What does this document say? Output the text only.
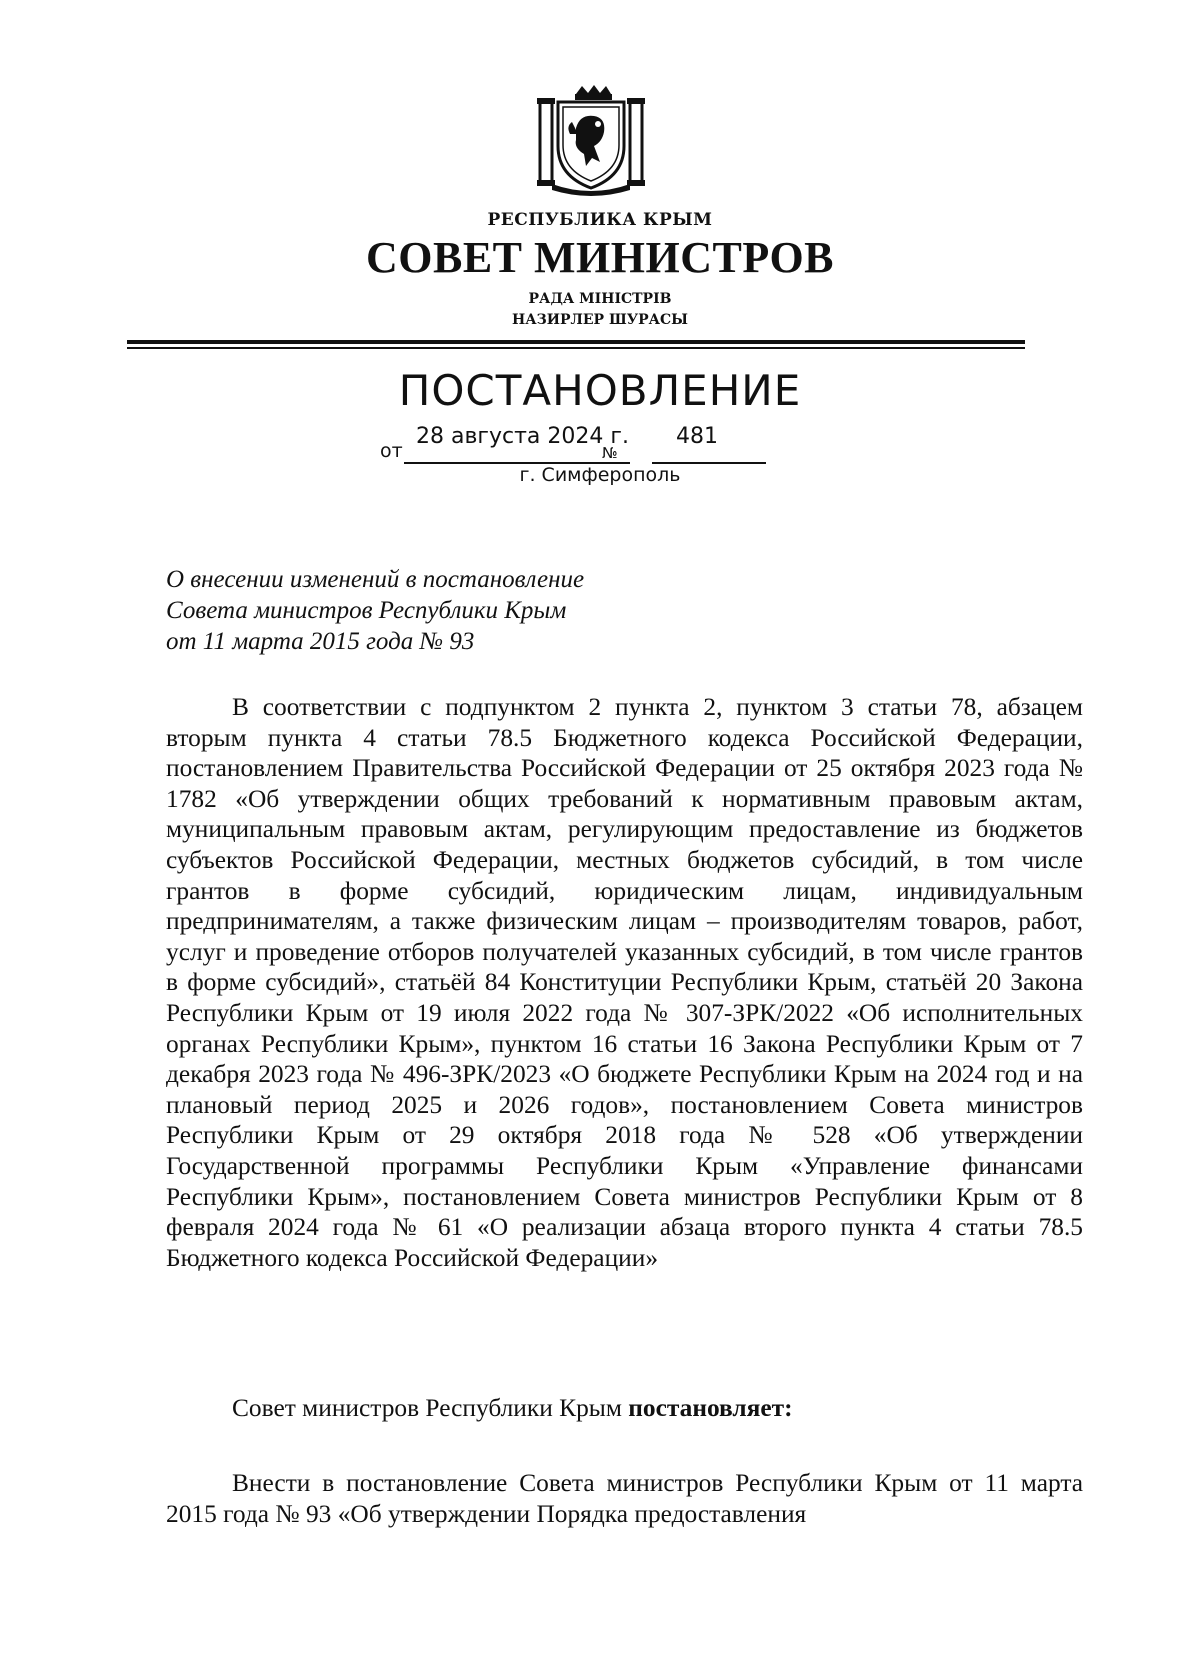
РЕСПУБЛИКА КРЫМ
СОВЕТ МИНИСТРОВ
РАДА МІНІСТРІВ
НАЗИРЛЕР ШУРАСЫ
ПОСТАНОВЛЕНИЕ
от
28 августа 2024 г.
№
481
г. Симферополь
О внесении изменений в постановление
Совета министров Республики Крым
от 11 марта 2015 года № 93
В соответствии с подпунктом 2 пункта 2, пунктом 3 статьи 78, абзацем вторым пункта 4 статьи 78.5 Бюджетного кодекса Российской Федерации, постановлением Правительства Российской Федерации от 25 октября 2023 года № 1782 «Об утверждении общих требований к нормативным правовым актам, муниципальным правовым актам, регулирующим предоставление из бюджетов субъектов Российской Федерации, местных бюджетов субсидий, в том числе грантов в форме субсидий, юридическим лицам, индивидуальным предпринимателям, а также физическим лицам – производителям товаров, работ, услуг и проведение отборов получателей указанных субсидий, в том числе грантов в форме субсидий», статьёй 84 Конституции Республики Крым, статьёй 20 Закона Республики Крым от 19 июля 2022 года № 307-ЗРК/2022 «Об исполнительных органах Республики Крым», пунктом 16 статьи 16 Закона Республики Крым от 7 декабря 2023 года № 496-ЗРК/2023 «О бюджете Республики Крым на 2024 год и на плановый период 2025 и 2026 годов», постановлением Совета министров Республики Крым от 29 октября 2018 года № 528 «Об утверждении Государственной программы Республики Крым «Управление финансами Республики Крым», постановлением Совета министров Республики Крым от 8 февраля 2024 года № 61 «О реализации абзаца второго пункта 4 статьи 78.5 Бюджетного кодекса Российской Федерации»
Совет министров Республики Крым постановляет:
Внести в постановление Совета министров Республики Крым от 11 марта 2015 года № 93 «Об утверждении Порядка предоставления
